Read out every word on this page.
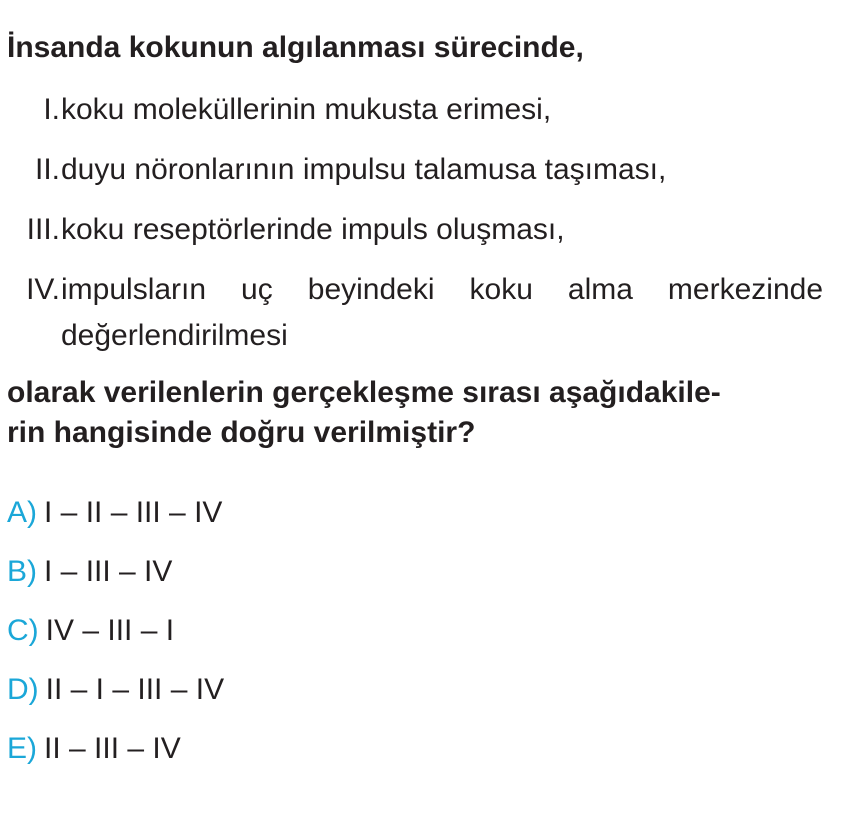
İnsanda kokunun algılanması sürecinde,

I. koku moleküllerinin mukusta erimesi,
II. duyu nöronlarının impulsu talamusa taşıması,
III. koku reseptörlerinde impuls oluşması,
IV. impulsların uç beyindeki koku alma merkezinde değerlendirilmesi

olarak verilenlerin gerçekleşme sırası aşağıdakile-
rin hangisinde doğru verilmiştir?

A) I – II – III – IV
B) I – III – IV
C) IV – III – I
D) II – I – III – IV
E) II – III – IV
